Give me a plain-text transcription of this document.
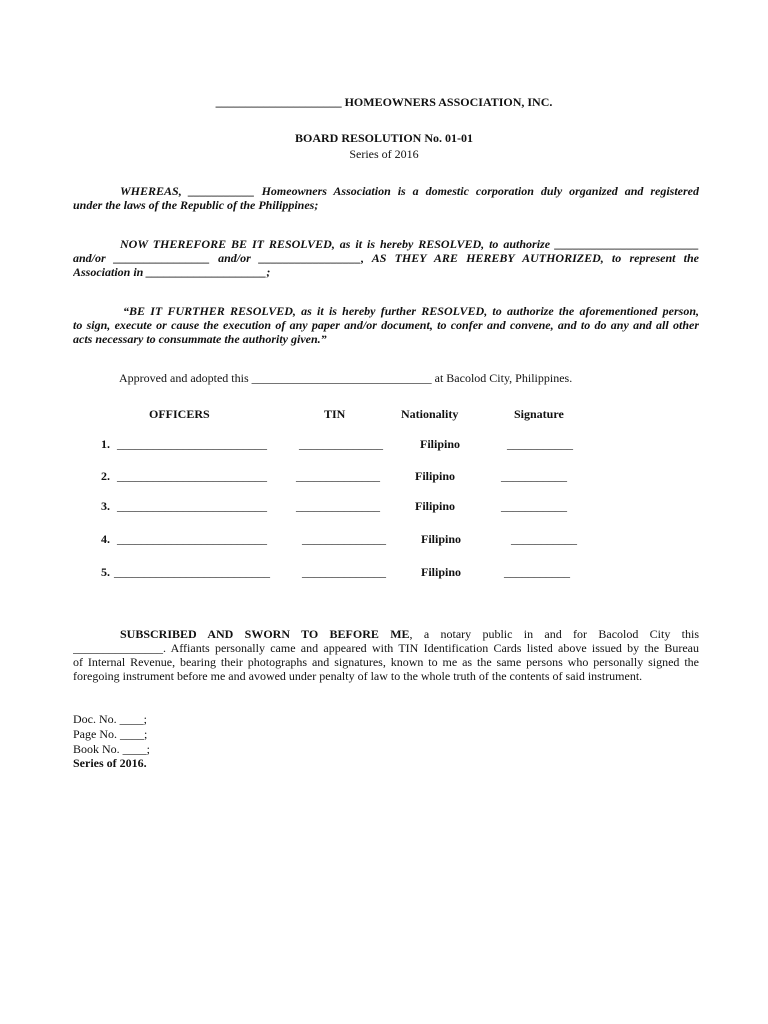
_____________________ HOMEOWNERS ASSOCIATION, INC.
BOARD RESOLUTION No. 01-01
Series of 2016
WHEREAS, ___________ Homeowners Association is a domestic corporation duly organized and registered
under the laws of the Republic of the Philippines;
NOW THEREFORE BE IT RESOLVED, as it is hereby RESOLVED, to authorize ________________________
and/or ________________ and/or _________________, AS THEY ARE HEREBY AUTHORIZED, to represent the
Association in ____________________;
“BE IT FURTHER RESOLVED, as it is hereby further RESOLVED, to authorize the aforementioned person,
to sign, execute or cause the execution of any paper and/or document, to confer and convene, and to do any and all other
acts necessary to consummate the authority given.”
Approved and adopted this ______________________________ at Bacolod City, Philippines.
OFFICERS	TIN	Nationality	Signature
1. _________________________	______________	Filipino	___________
2. _________________________ ______________	Filipino	___________
3. _________________________ ______________	Filipino	___________
4. _________________________	______________	Filipino	___________
5. __________________________	______________	Filipino	___________
SUBSCRIBED AND SWORN TO BEFORE ME, a notary public in and for Bacolod City this
_______________. Affiants personally came and appeared with TIN Identification Cards listed above issued by the Bureau
of Internal Revenue, bearing their photographs and signatures, known to me as the same persons who personally signed the
foregoing instrument before me and avowed under penalty of law to the whole truth of the contents of said instrument.
Doc. No. ____;
Page No. ____;
Book No. ____;
Series of 2016.
